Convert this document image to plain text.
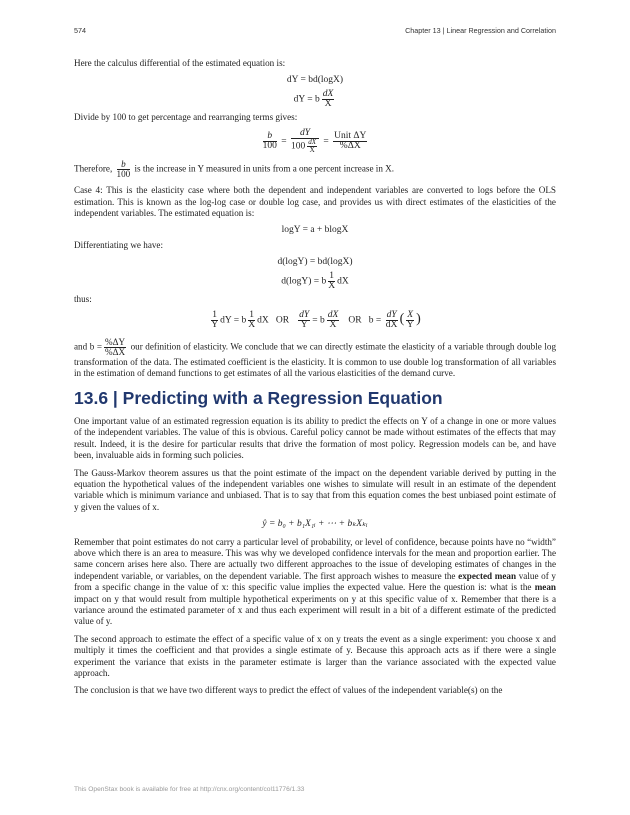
574	Chapter 13 | Linear Regression and Correlation

Here the calculus differential of the estimated equation is:

dY = bd(logX)
dY = b $\frac{dX}{X}$

Divide by 100 to get percentage and rearranging terms gives:

$\frac{b}{100} = \frac{dY}{100 \frac{dX}{X}} = \frac{\text{Unit ΔY}}{\%\Delta X}$

Therefore, $\frac{b}{100}$ is the increase in Y measured in units from a one percent increase in X.

Case 4: This is the elasticity case where both the dependent and independent variables are converted to logs before the OLS estimation. This is known as the log-log case or double log case, and provides us with direct estimates of the elasticities of the independent variables. The estimated equation is:

logY = a + blogX

Differentiating we have:

d(logY) = bd(logX)
d(logY) = b $\frac{1}{X}$ dX

thus:

$\frac{1}{Y}$ dY = b $\frac{1}{X}$ dX OR $\frac{dY}{Y} = b \frac{dX}{X}$ OR $b = \frac{dY}{dX}$ ( $\frac{X}{Y}$ )

and $b = \frac{\%\Delta Y}{\%\Delta X}$ our definition of elasticity. We conclude that we can directly estimate the elasticity of a variable through double log transformation of the data. The estimated coefficient is the elasticity. It is common to use double log transformation of all variables in the estimation of demand functions to get estimates of all the various elasticities of the demand curve.

13.6 | Predicting with a Regression Equation

One important value of an estimated regression equation is its ability to predict the effects on Y of a change in one or more values of the independent variables. The value of this is obvious. Careful policy cannot be made without estimates of the effects that may result. Indeed, it is the desire for particular results that drive the formation of most policy. Regression models can be, and have been, invaluable aids in forming such policies.

The Gauss-Markov theorem assures us that the point estimate of the impact on the dependent variable derived by putting in the equation the hypothetical values of the independent variables one wishes to simulate will result in an estimate of the dependent variable which is minimum variance and unbiased. That is to say that from this equation comes the best unbiased point estimate of y given the values of x.

ŷ = b₀ + b₁X₁ᵢ + ⋯ + bₖXₖᵢ

Remember that point estimates do not carry a particular level of probability, or level of confidence, because points have no “width” above which there is an area to measure. This was why we developed confidence intervals for the mean and proportion earlier. The same concern arises here also. There are actually two different approaches to the issue of developing estimates of changes in the independent variable, or variables, on the dependent variable. The first approach wishes to measure the expected mean value of y from a specific change in the value of x: this specific value implies the expected value. Here the question is: what is the mean impact on y that would result from multiple hypothetical experiments on y at this specific value of x. Remember that there is a variance around the estimated parameter of x and thus each experiment will result in a bit of a different estimate of the predicted value of y.

The second approach to estimate the effect of a specific value of x on y treats the event as a single experiment: you choose x and multiply it times the coefficient and that provides a single estimate of y. Because this approach acts as if there were a single experiment the variance that exists in the parameter estimate is larger than the variance associated with the expected value approach.

The conclusion is that we have two different ways to predict the effect of values of the independent variable(s) on the

This OpenStax book is available for free at http://cnx.org/content/col11776/1.33
